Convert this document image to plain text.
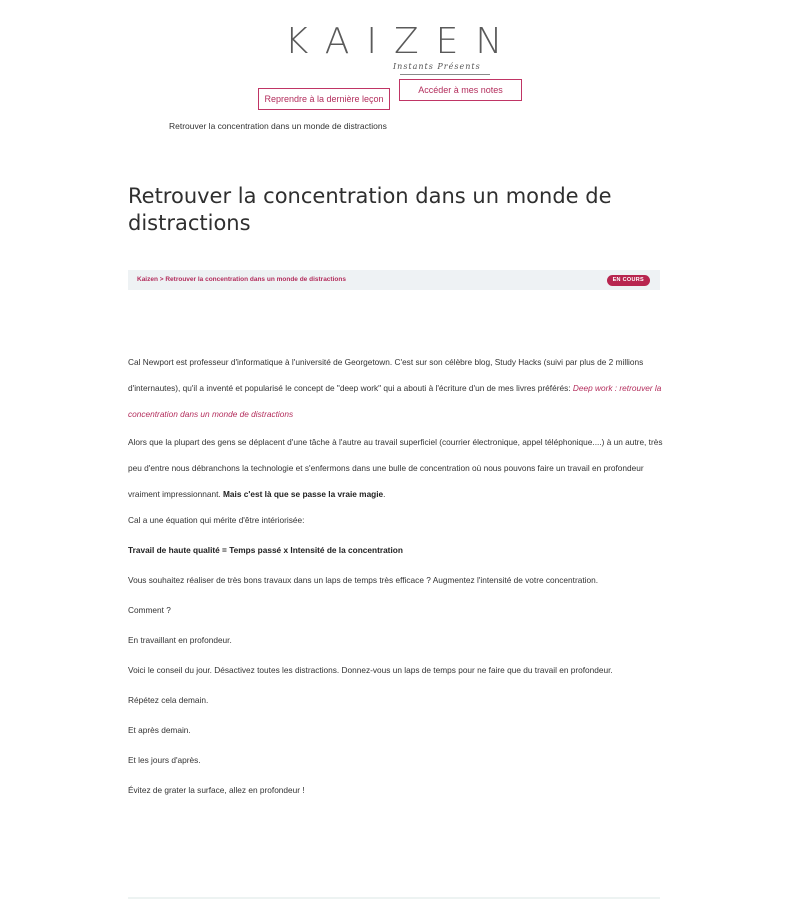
KAIZEN
Instants Présents
Reprendre à la dernière leçon
Accéder à mes notes
Retrouver la concentration dans un monde de distractions
Retrouver la concentration dans un monde de distractions
Kaizen > Retrouver la concentration dans un monde de distractions	EN COURS

Cal Newport est professeur d'informatique à l'université de Georgetown. C'est sur son célèbre blog, Study Hacks (suivi par plus de 2 millions d'internautes), qu'il a inventé et popularisé le concept de "deep work" qui a abouti à l'écriture d'un de mes livres préférés: Deep work : retrouver la concentration dans un monde de distractions

Alors que la plupart des gens se déplacent d'une tâche à l'autre au travail superficiel (courrier électronique, appel téléphonique....) à un autre, très peu d'entre nous débranchons la technologie et s'enfermons dans une bulle de concentration où nous pouvons faire un travail en profondeur vraiment impressionnant. Mais c'est là que se passe la vraie magie.

Cal a une équation qui mérite d'être intériorisée:

Travail de haute qualité = Temps passé x Intensité de la concentration

Vous souhaitez réaliser de très bons travaux dans un laps de temps très efficace ? Augmentez l'intensité de votre concentration.

Comment ?

En travaillant en profondeur.

Voici le conseil du jour. Désactivez toutes les distractions. Donnez-vous un laps de temps pour ne faire que du travail en profondeur.

Répétez cela demain.

Et après demain.

Et les jours d'après.

Évitez de grater la surface, allez en profondeur !
